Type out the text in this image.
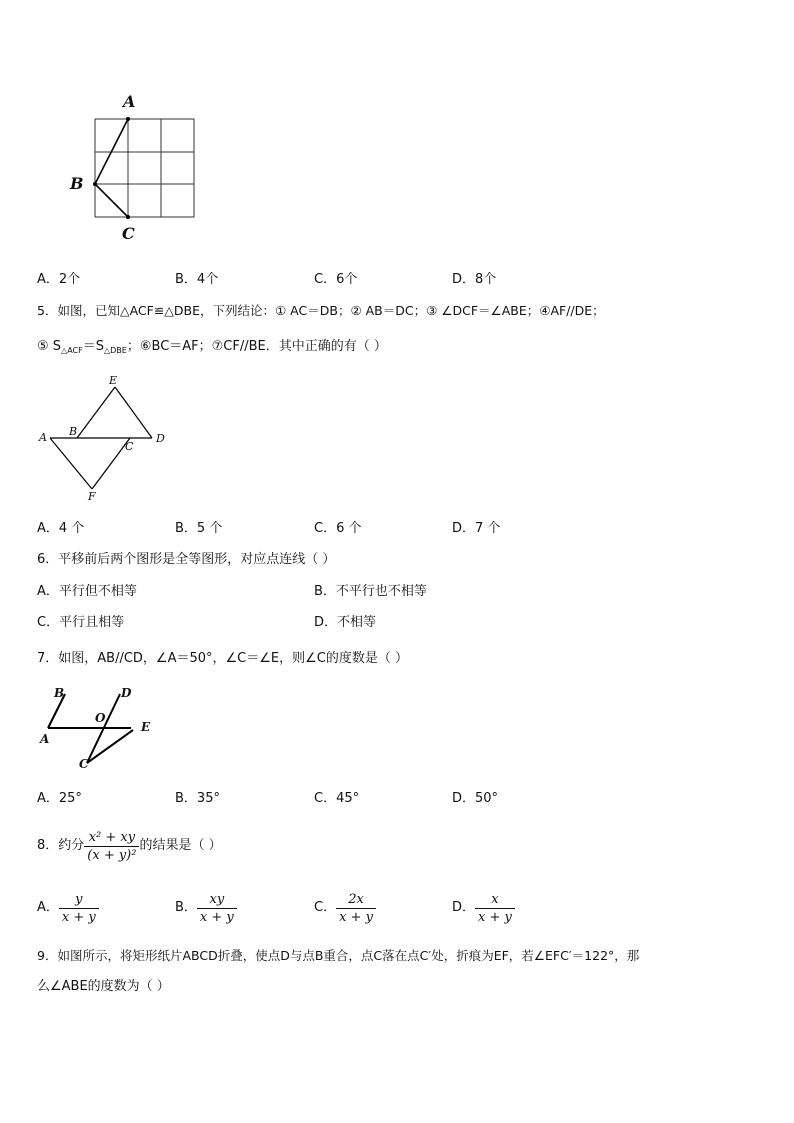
A
B
C
A．2个	B．4个	C．6个	D．8个
5．如图，已知△ACF≌△DBE，下列结论：① AC＝DB；② AB＝DC；③ ∠DCF＝∠ABE；④AF//DE；
⑤ $S_{\triangle ACF}=S_{\triangle DBE}$；⑥BC＝AF；⑦CF//BE．其中正确的有（ ）
E
A B
C
D
F
A．4 个	B．5 个	C．6 个	D．7 个
6．平移前后两个图形是全等图形，对应点连线（ ）
A．平行但不相等	B．不平行也不相等
C．平行且相等	D．不相等
7．如图，AB//CD，∠A＝50°，∠C＝∠E，则∠C的度数是（ ）
B	D
O
E
A
C
A．25°	B．35°	C．45°	D．50°
8．约分 $\frac{\text{x² + xy}}{\text{(x + y)²}}$ 的结果是（ ）
A． $\frac{y}{x + y}$	B． $\frac{xy}{x + y}$	C． $\frac{2x}{x + y}$	D． $\frac{x}{x + y}$
9．如图所示，将矩形纸片ABCD折叠，使点D与点B重合，点C落在点C′处，折痕为EF，若∠EFC′＝122°，那
么∠ABE的度数为（ ）
